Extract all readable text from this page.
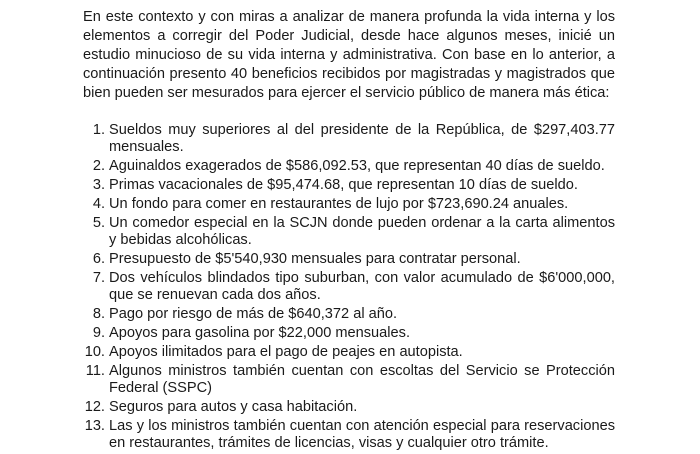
En este contexto y con miras a analizar de manera profunda la vida interna y los elementos a corregir del Poder Judicial, desde hace algunos meses, inicié un estudio minucioso de su vida interna y administrativa. Con base en lo anterior, a continuación presento 40 beneficios recibidos por magistradas y magistrados que bien pueden ser mesurados para ejercer el servicio público de manera más ética:

1. Sueldos muy superiores al del presidente de la República, de $297,403.77 mensuales.
2. Aguinaldos exagerados de $586,092.53, que representan 40 días de sueldo.
3. Primas vacacionales de $95,474.68, que representan 10 días de sueldo.
4. Un fondo para comer en restaurantes de lujo por $723,690.24 anuales.
5. Un comedor especial en la SCJN donde pueden ordenar a la carta alimentos y bebidas alcohólicas.
6. Presupuesto de $5'540,930 mensuales para contratar personal.
7. Dos vehículos blindados tipo suburban, con valor acumulado de $6'000,000, que se renuevan cada dos años.
8. Pago por riesgo de más de $640,372 al año.
9. Apoyos para gasolina por $22,000 mensuales.
10. Apoyos ilimitados para el pago de peajes en autopista.
11. Algunos ministros también cuentan con escoltas del Servicio se Protección Federal (SSPC)
12. Seguros para autos y casa habitación.
13. Las y los ministros también cuentan con atención especial para reservaciones en restaurantes, trámites de licencias, visas y cualquier otro trámite.
